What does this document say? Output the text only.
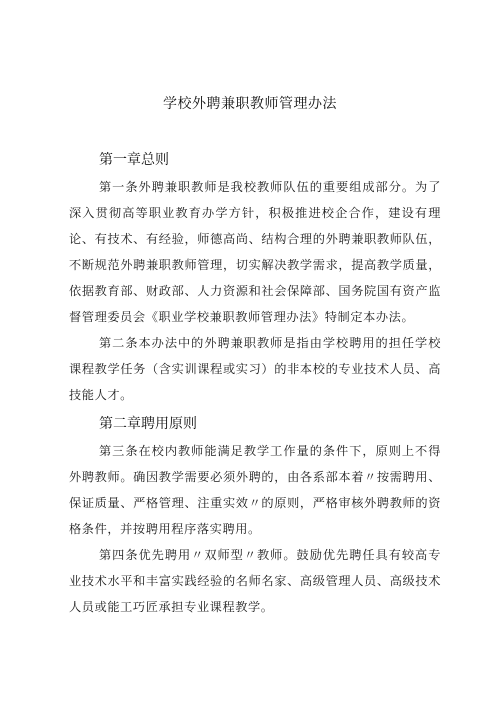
学校外聘兼职教师管理办法
第一章总则

第一条外聘兼职教师是我校教师队伍的重要组成部分。为了深入贯彻高等职业教育办学方针，积极推进校企合作，建设有理论、有技术、有经验，师德高尚、结构合理的外聘兼职教师队伍，不断规范外聘兼职教师管理，切实解决教学需求，提高教学质量，依据教育部、财政部、人力资源和社会保障部、国务院国有资产监督管理委员会《职业学校兼职教师管理办法》特制定本办法。

第二条本办法中的外聘兼职教师是指由学校聘用的担任学校课程教学任务（含实训课程或实习）的非本校的专业技术人员、高技能人才。

第二章聘用原则

第三条在校内教师能满足教学工作量的条件下，原则上不得外聘教师。确因教学需要必须外聘的，由各系部本着〃按需聘用、保证质量、严格管理、注重实效〃的原则，严格审核外聘教师的资格条件，并按聘用程序落实聘用。

第四条优先聘用〃双师型〃教师。鼓励优先聘任具有较高专业技术水平和丰富实践经验的名师名家、高级管理人员、高级技术人员或能工巧匠承担专业课程教学。
